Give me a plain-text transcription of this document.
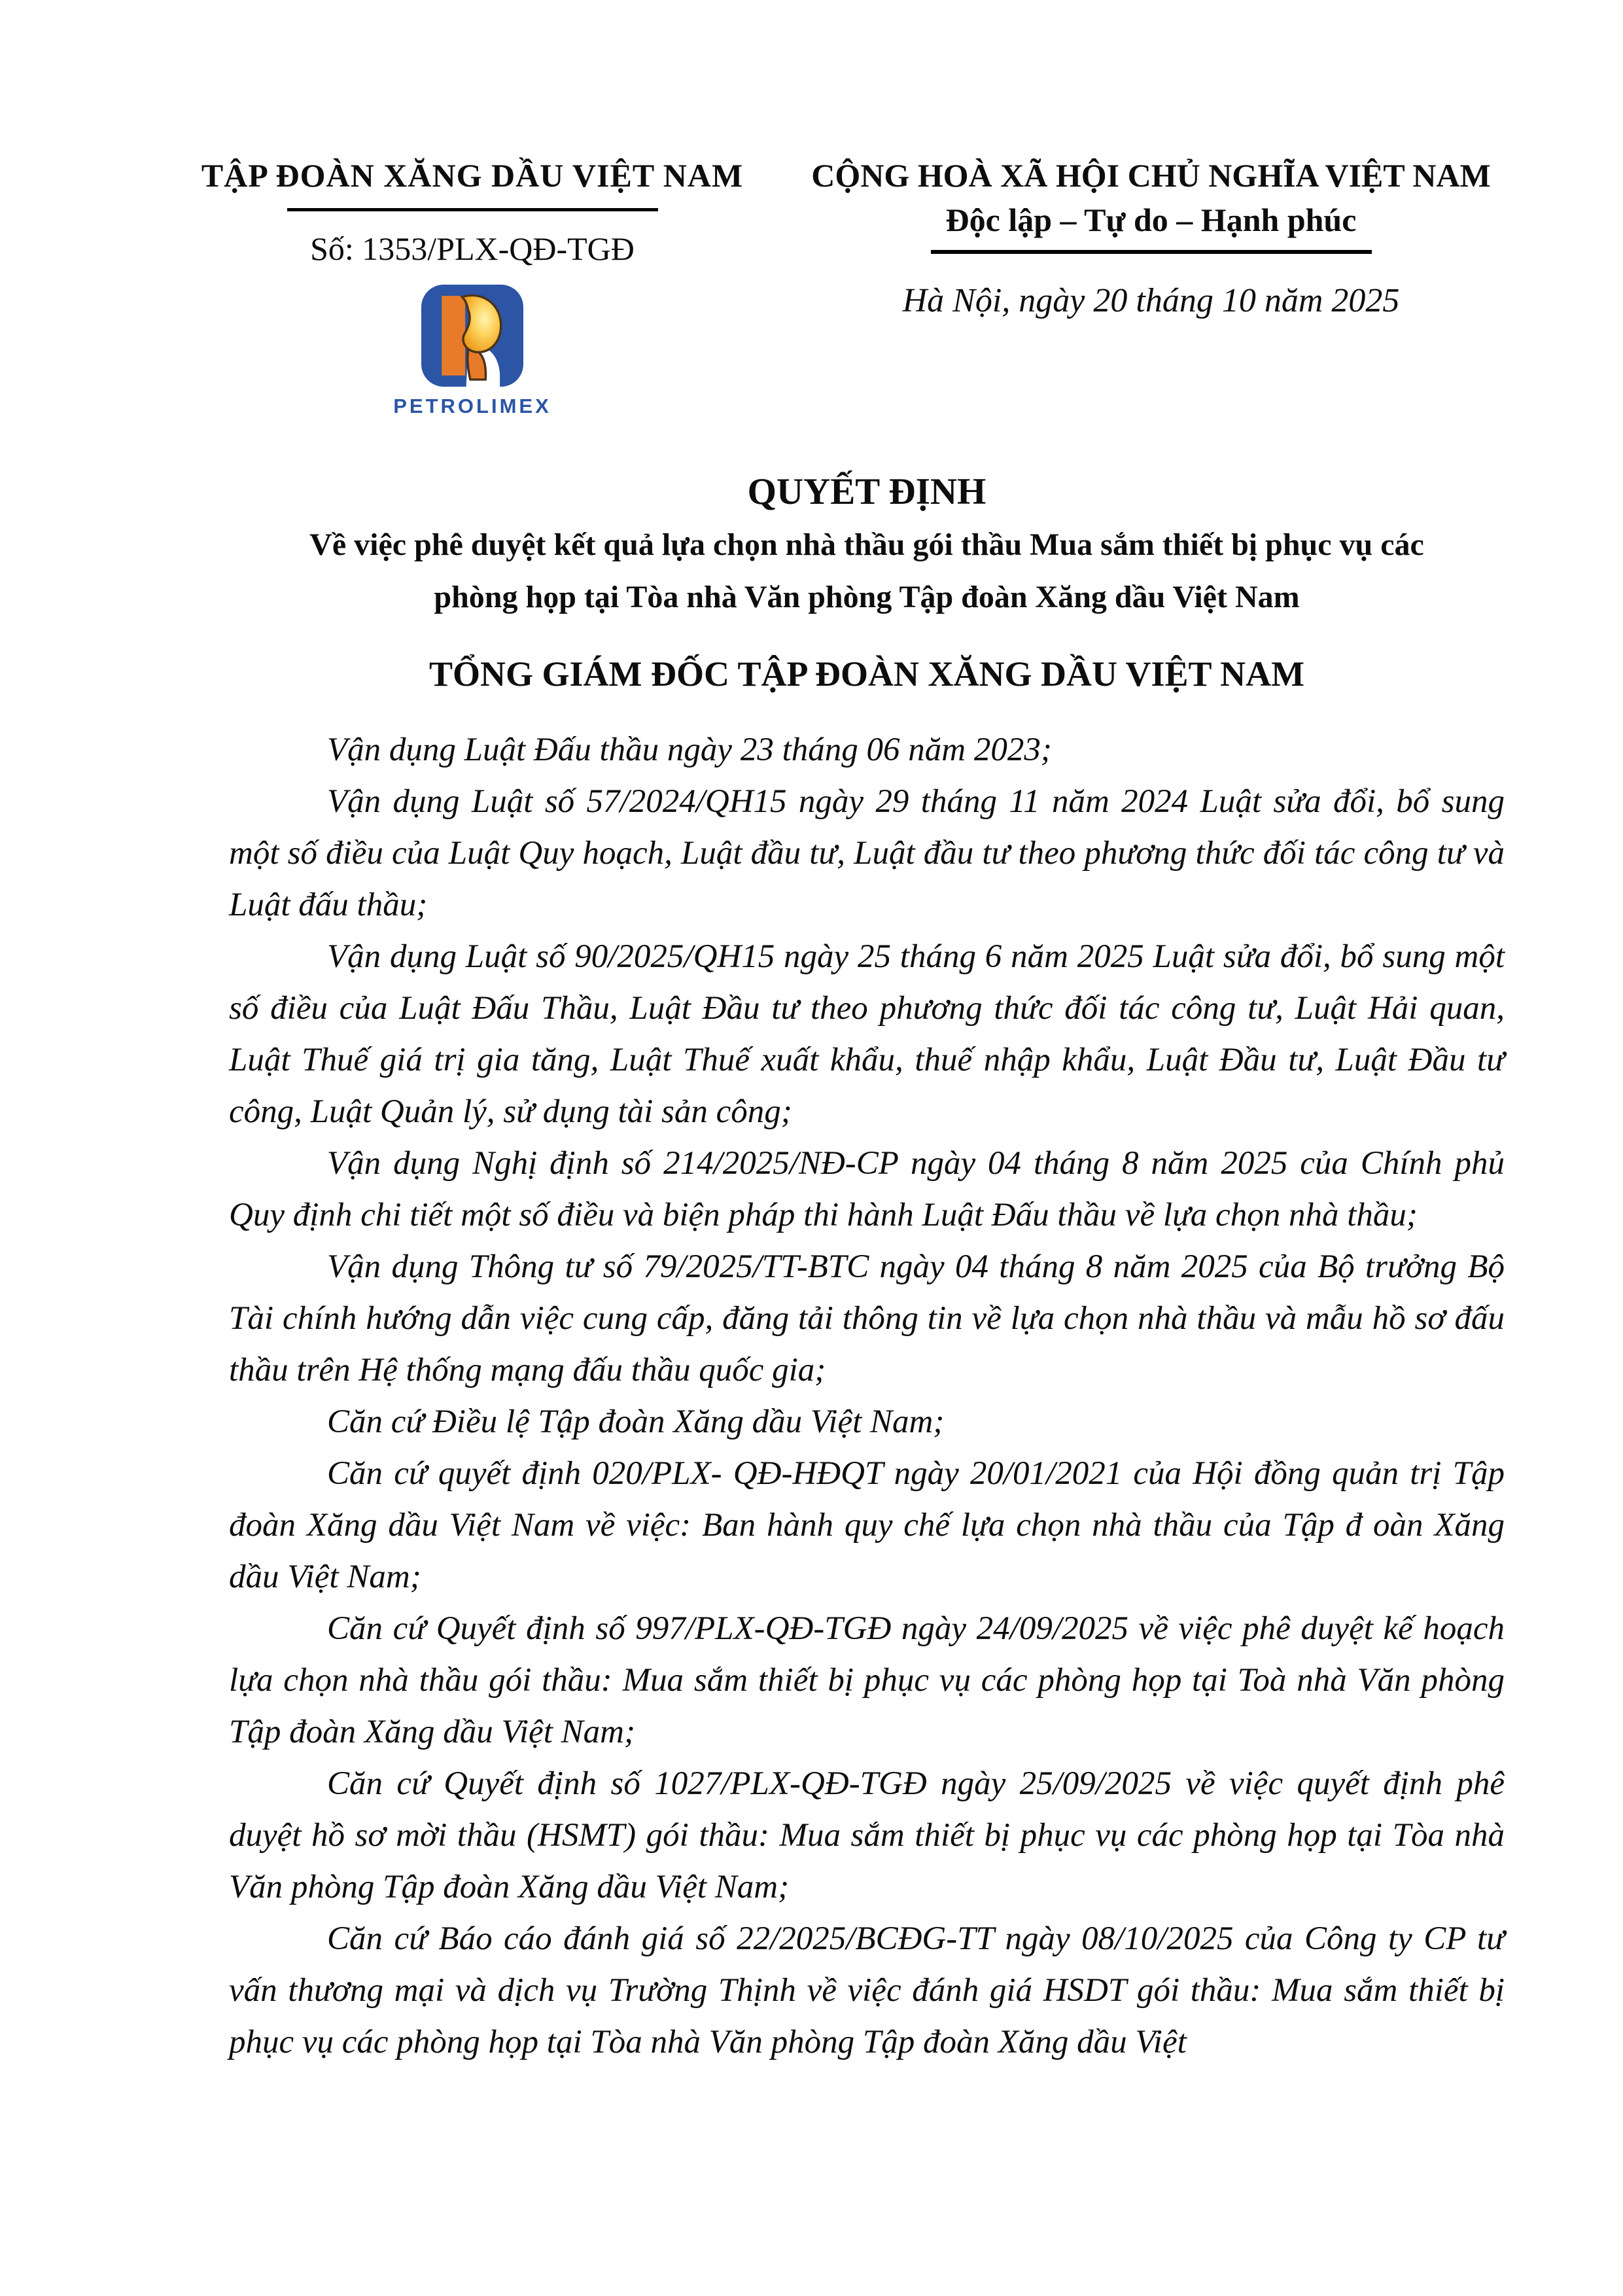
TẬP ĐOÀN XĂNG DẦU VIỆT NAM
Số: 1353/PLX-QĐ-TGĐ
PETROLIMEX
CỘNG HOÀ XÃ HỘI CHỦ NGHĨA VIỆT NAM
Độc lập – Tự do – Hạnh phúc
Hà Nội, ngày 20 tháng 10 năm 2025
QUYẾT ĐỊNH
Về việc phê duyệt kết quả lựa chọn nhà thầu gói thầu Mua sắm thiết bị phục vụ các
phòng họp tại Tòa nhà Văn phòng Tập đoàn Xăng dầu Việt Nam
TỔNG GIÁM ĐỐC TẬP ĐOÀN XĂNG DẦU VIỆT NAM

Vận dụng Luật Đấu thầu ngày 23 tháng 06 năm 2023;

Vận dụng Luật số 57/2024/QH15 ngày 29 tháng 11 năm 2024 Luật sửa đổi, bổ sung một số điều của Luật Quy hoạch, Luật đầu tư, Luật đầu tư theo phương thức đối tác công tư và Luật đấu thầu;

Vận dụng Luật số 90/2025/QH15 ngày 25 tháng 6 năm 2025 Luật sửa đổi, bổ sung một số điều của Luật Đấu Thầu, Luật Đầu tư theo phương thức đối tác công tư, Luật Hải quan, Luật Thuế giá trị gia tăng, Luật Thuế xuất khẩu, thuế nhập khẩu, Luật Đầu tư, Luật Đầu tư công, Luật Quản lý, sử dụng tài sản công;

Vận dụng Nghị định số 214/2025/NĐ-CP ngày 04 tháng 8 năm 2025 của Chính phủ Quy định chi tiết một số điều và biện pháp thi hành Luật Đấu thầu về lựa chọn nhà thầu;

Vận dụng Thông tư số 79/2025/TT-BTC ngày 04 tháng 8 năm 2025 của Bộ trưởng Bộ Tài chính hướng dẫn việc cung cấp, đăng tải thông tin về lựa chọn nhà thầu và mẫu hồ sơ đấu thầu trên Hệ thống mạng đấu thầu quốc gia;

Căn cứ Điều lệ Tập đoàn Xăng dầu Việt Nam;

Căn cứ quyết định 020/PLX- QĐ-HĐQT ngày 20/01/2021 của Hội đồng quản trị Tập đoàn Xăng dầu Việt Nam về việc: Ban hành quy chế lựa chọn nhà thầu của Tập đ oàn Xăng dầu Việt Nam;

Căn cứ Quyết định số 997/PLX-QĐ-TGĐ ngày 24/09/2025 về việc phê duyệt kế hoạch lựa chọn nhà thầu gói thầu: Mua sắm thiết bị phục vụ các phòng họp tại Toà nhà Văn phòng Tập đoàn Xăng dầu Việt Nam;

Căn cứ Quyết định số 1027/PLX-QĐ-TGĐ ngày 25/09/2025 về việc quyết định phê duyệt hồ sơ mời thầu (HSMT) gói thầu: Mua sắm thiết bị phục vụ các phòng họp tại Tòa nhà Văn phòng Tập đoàn Xăng dầu Việt Nam;

Căn cứ Báo cáo đánh giá số 22/2025/BCĐG-TT ngày 08/10/2025 của Công ty CP tư vấn thương mại và dịch vụ Trường Thịnh về việc đánh giá HSDT gói thầu: Mua sắm thiết bị phục vụ các phòng họp tại Tòa nhà Văn phòng Tập đoàn Xăng dầu Việt
